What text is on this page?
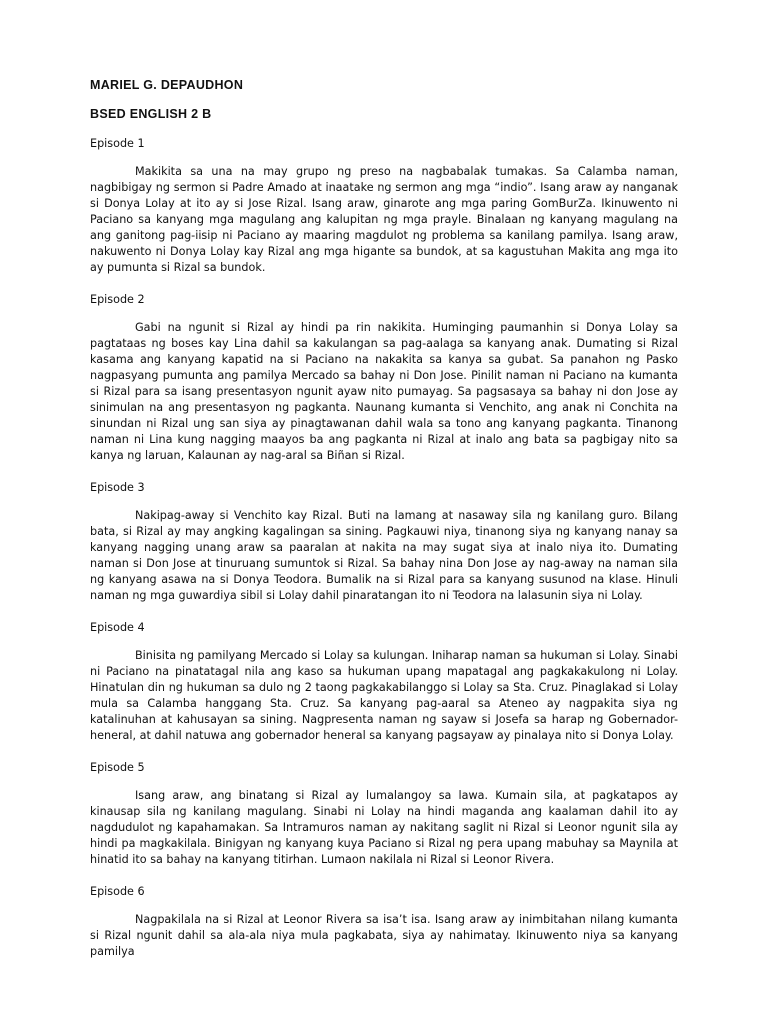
MARIEL G. DEPAUDHON

BSED ENGLISH 2 B

Episode 1

Makikita sa una na may grupo ng preso na nagbabalak tumakas. Sa Calamba naman, nagbibigay ng sermon si Padre Amado at inaatake ng sermon ang mga “indio”. Isang araw ay nanganak si Donya Lolay at ito ay si Jose Rizal. Isang araw, ginarote ang mga paring GomBurZa. Ikinuwento ni Paciano sa kanyang mga magulang ang kalupitan ng mga prayle. Binalaan ng kanyang magulang na ang ganitong pag-iisip ni Paciano ay maaring magdulot ng problema sa kanilang pamilya. Isang araw, nakuwento ni Donya Lolay kay Rizal ang mga higante sa bundok, at sa kagustuhan Makita ang mga ito ay pumunta si Rizal sa bundok.

Episode 2

Gabi na ngunit si Rizal ay hindi pa rin nakikita. Huminging paumanhin si Donya Lolay sa pagtataas ng boses kay Lina dahil sa kakulangan sa pag-aalaga sa kanyang anak. Dumating si Rizal kasama ang kanyang kapatid na si Paciano na nakakita sa kanya sa gubat. Sa panahon ng Pasko nagpasyang pumunta ang pamilya Mercado sa bahay ni Don Jose. Pinilit naman ni Paciano na kumanta si Rizal para sa isang presentasyon ngunit ayaw nito pumayag. Sa pagsasaya sa bahay ni don Jose ay sinimulan na ang presentasyon ng pagkanta. Naunang kumanta si Venchito, ang anak ni Conchita na sinundan ni Rizal ung san siya ay pinagtawanan dahil wala sa tono ang kanyang pagkanta. Tinanong naman ni Lina kung nagging maayos ba ang pagkanta ni Rizal at inalo ang bata sa pagbigay nito sa kanya ng laruan, Kalaunan ay nag-aral sa Biñan si Rizal.

Episode 3

Nakipag-away si Venchito kay Rizal. Buti na lamang at nasaway sila ng kanilang guro. Bilang bata, si Rizal ay may angking kagalingan sa sining. Pagkauwi niya, tinanong siya ng kanyang nanay sa kanyang nagging unang araw sa paaralan at nakita na may sugat siya at inalo niya ito. Dumating naman si Don Jose at tinuruang sumuntok si Rizal. Sa bahay nina Don Jose ay nag-away na naman sila ng kanyang asawa na si Donya Teodora. Bumalik na si Rizal para sa kanyang susunod na klase. Hinuli naman ng mga guwardiya sibil si Lolay dahil pinaratangan ito ni Teodora na lalasunin siya ni Lolay.

Episode 4

Binisita ng pamilyang Mercado si Lolay sa kulungan. Iniharap naman sa hukuman si Lolay. Sinabi ni Paciano na pinatatagal nila ang kaso sa hukuman upang mapatagal ang pagkakakulong ni Lolay. Hinatulan din ng hukuman sa dulo ng 2 taong pagkakabilanggo si Lolay sa Sta. Cruz. Pinaglakad si Lolay mula sa Calamba hanggang Sta. Cruz. Sa kanyang pag-aaral sa Ateneo ay nagpakita siya ng katalinuhan at kahusayan sa sining. Nagpresenta naman ng sayaw si Josefa sa harap ng Gobernador-heneral, at dahil natuwa ang gobernador heneral sa kanyang pagsayaw ay pinalaya nito si Donya Lolay.

Episode 5

Isang araw, ang binatang si Rizal ay lumalangoy sa lawa. Kumain sila, at pagkatapos ay kinausap sila ng kanilang magulang. Sinabi ni Lolay na hindi maganda ang kaalaman dahil ito ay nagdudulot ng kapahamakan. Sa Intramuros naman ay nakitang saglit ni Rizal si Leonor ngunit sila ay hindi pa magkakilala. Binigyan ng kanyang kuya Paciano si Rizal ng pera upang mabuhay sa Maynila at hinatid ito sa bahay na kanyang titirhan. Lumaon nakilala ni Rizal si Leonor Rivera.

Episode 6

Nagpakilala na si Rizal at Leonor Rivera sa isa’t isa. Isang araw ay inimbitahan nilang kumanta si Rizal ngunit dahil sa ala-ala niya mula pagkabata, siya ay nahimatay. Ikinuwento niya sa kanyang pamilya
